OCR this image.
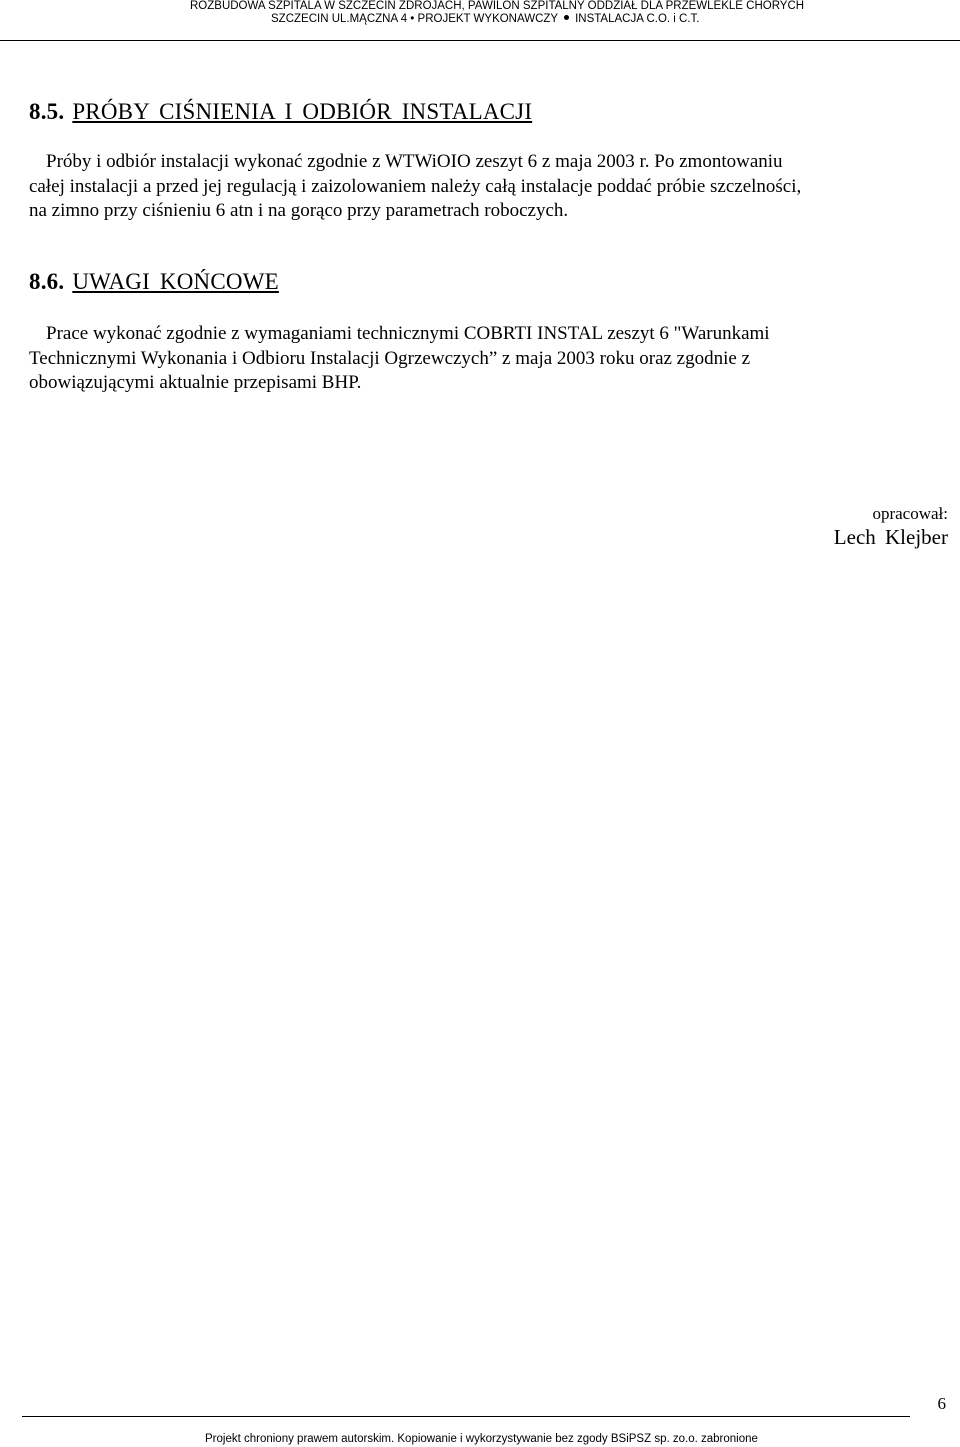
ROZBUDOWA SZPITALA W SZCZECIN ZDROJACH, PAWILON SZPITALNY ODDZIAŁ DLA PRZEWLEKLE CHORYCH
SZCZECIN UL.MĄCZNA 4 • PROJEKT WYKONAWCZY INSTALACJA C.O. i C.T.
8.5. PRÓBY CIŚNIENIA I ODBIÓR INSTALACJI
Próby i odbiór instalacji wykonać zgodnie z WTWiOIO zeszyt 6 z maja 2003 r. Po zmontowaniu
całej instalacji a przed jej regulacją i zaizolowaniem należy całą instalacje poddać próbie szczelności,
na zimno przy ciśnieniu 6 atn i na gorąco przy parametrach roboczych.
8.6. UWAGI KOŃCOWE
Prace wykonać zgodnie z wymaganiami technicznymi COBRTI INSTAL zeszyt 6 "Warunkami
Technicznymi Wykonania i Odbioru Instalacji Ogrzewczych” z maja 2003 roku oraz zgodnie z
obowiązującymi aktualnie przepisami BHP.
opracował:
Lech Klejber
6
Projekt chroniony prawem autorskim. Kopiowanie i wykorzystywanie bez zgody BSiPSZ sp. zo.o. zabronione
